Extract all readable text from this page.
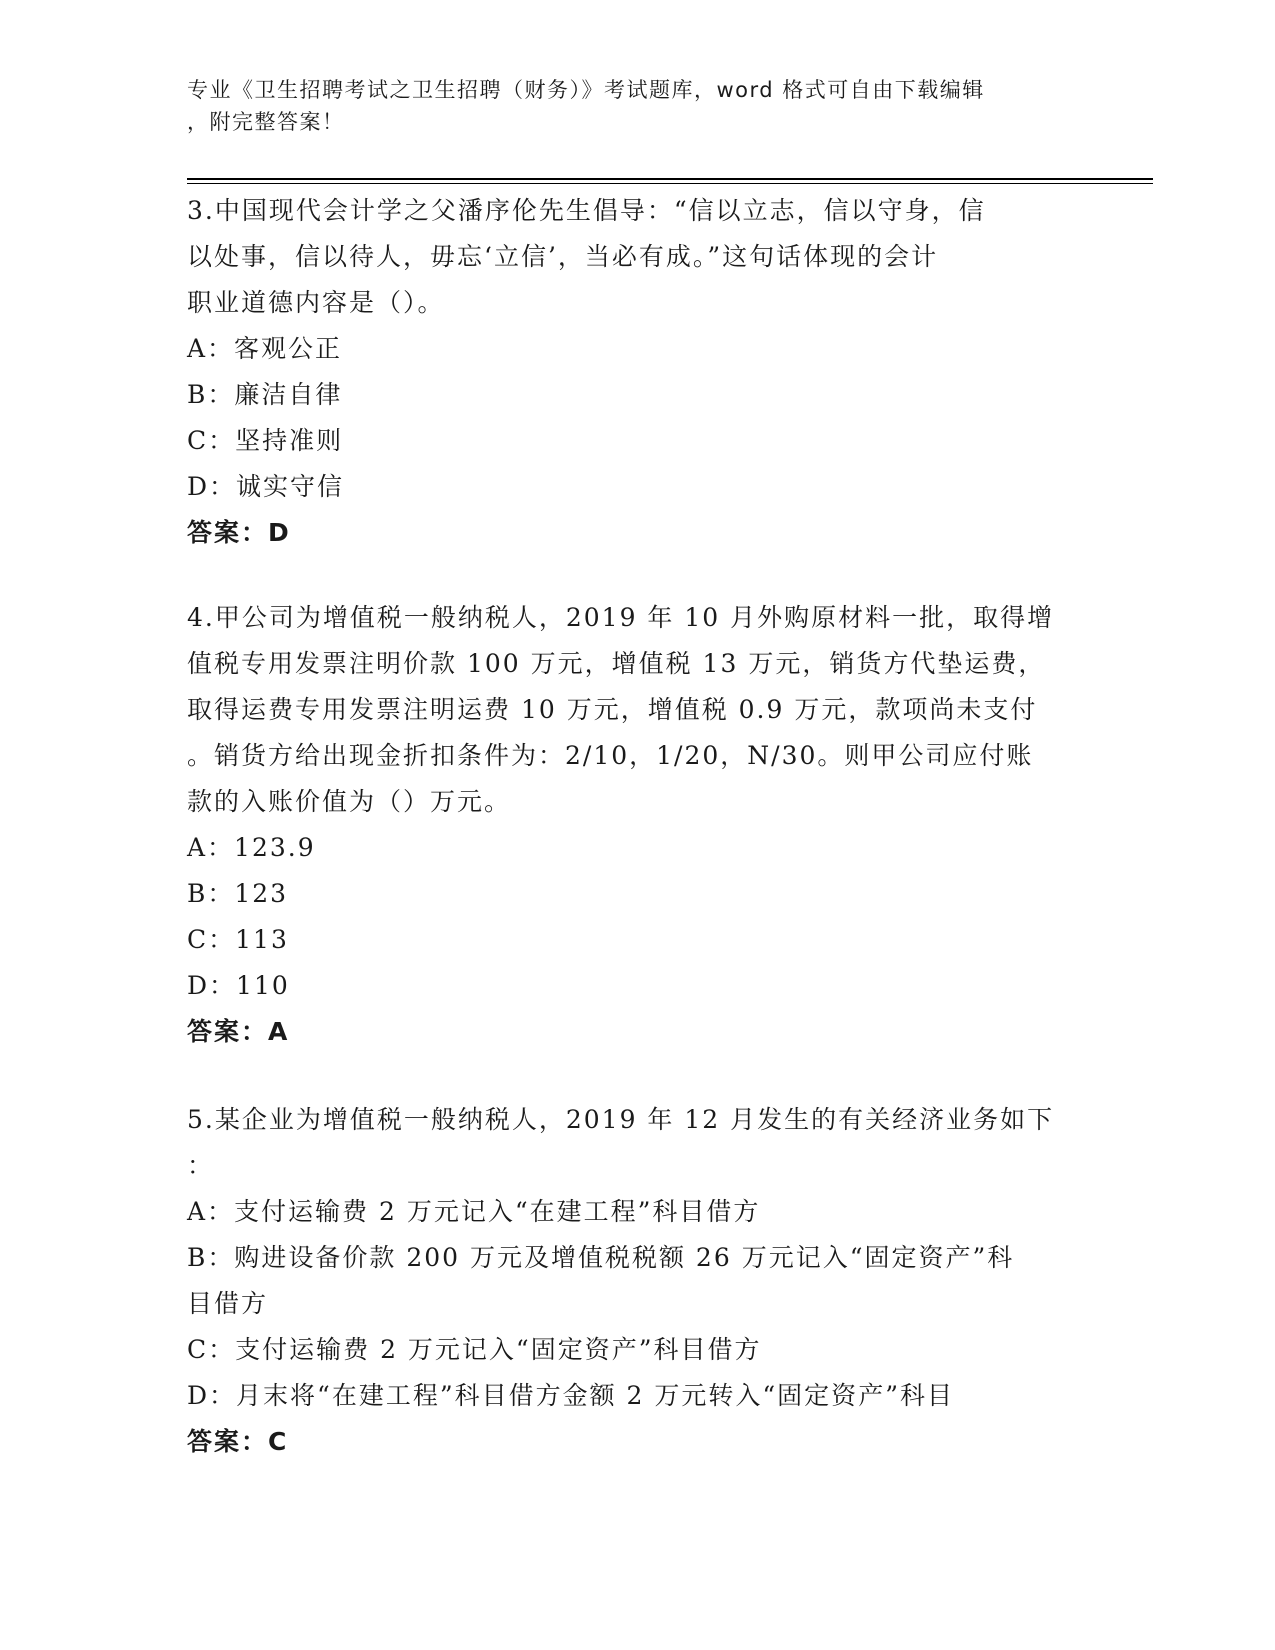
专业《卫生招聘考试之卫生招聘（财务）》考试题库，word 格式可自由下载编辑
，附完整答案！
3.中国现代会计学之父潘序伦先生倡导：“信以立志，信以守身，信
以处事，信以待人，毋忘‘立信’，当必有成。”这句话体现的会计
职业道德内容是（）。
A：客观公正
B：廉洁自律
C：坚持准则
D：诚实守信
答案：D
4.甲公司为增值税一般纳税人，2019 年 10 月外购原材料一批，取得增
值税专用发票注明价款 100 万元，增值税 13 万元，销货方代垫运费，
取得运费专用发票注明运费 10 万元，增值税 0.9 万元，款项尚未支付
。销货方给出现金折扣条件为：2/10，1/20，N/30。则甲公司应付账
款的入账价值为（）万元。
A：123.9
B：123
C：113
D：110
答案：A
5.某企业为增值税一般纳税人，2019 年 12 月发生的有关经济业务如下
：
A：支付运输费 2 万元记入“在建工程”科目借方
B：购进设备价款 200 万元及增值税税额 26 万元记入“固定资产”科
目借方
C：支付运输费 2 万元记入“固定资产”科目借方
D：月末将“在建工程”科目借方金额 2 万元转入“固定资产”科目
答案：C
